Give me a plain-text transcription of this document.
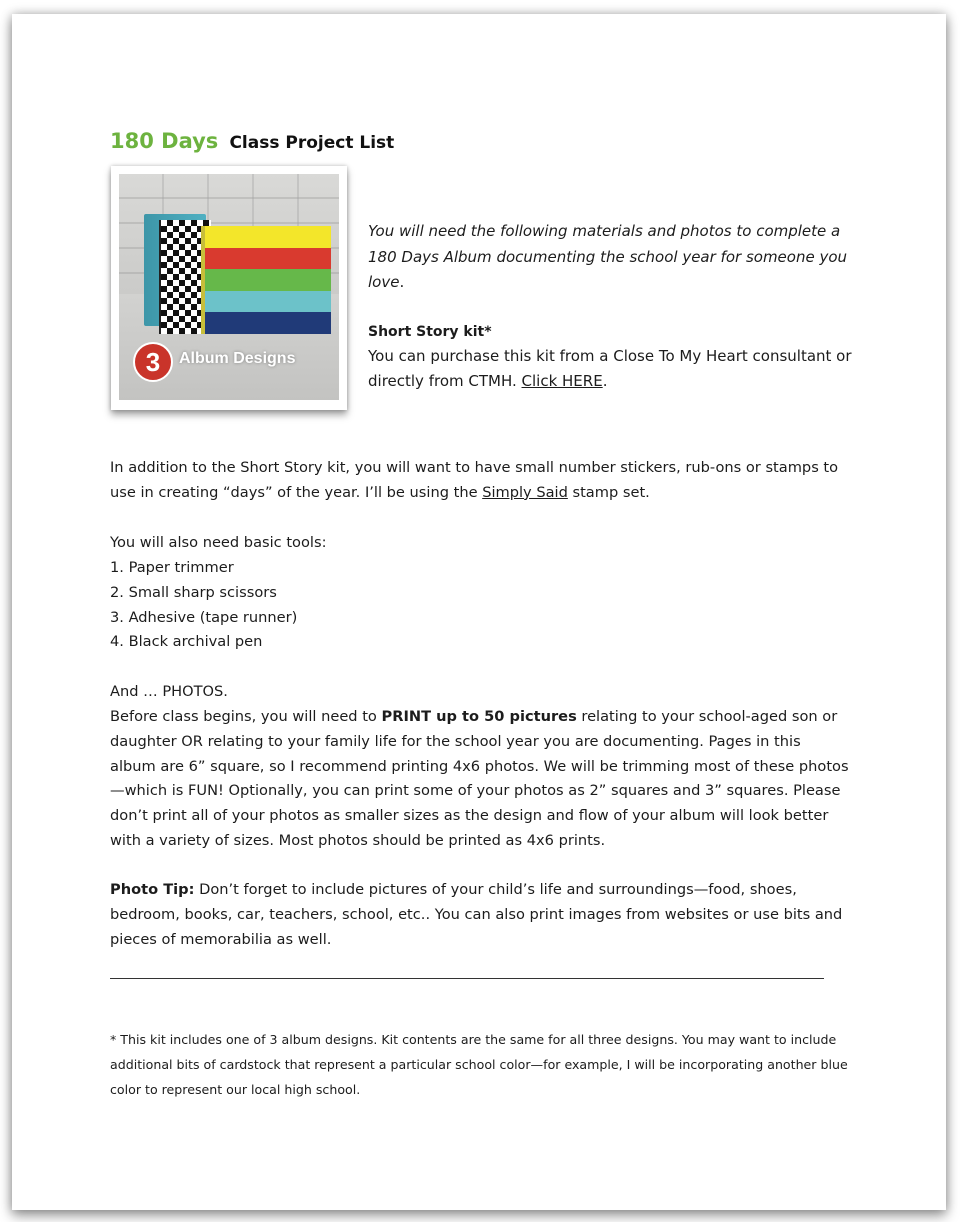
180 Days Class Project List
3	Album Designs

You will need the following materials and photos to complete a 180 Days Album documenting the school year for someone you love.

Short Story kit*

You can purchase this kit from a Close To My Heart consultant or directly from CTMH. Click HERE.

In addition to the Short Story kit, you will want to have small number stickers, rub-ons or stamps to use in creating “days” of the year. I’ll be using the Simply Said stamp set.

You will also need basic tools:

1. Paper trimmer
2. Small sharp scissors
3. Adhesive (tape runner)
4. Black archival pen

And … PHOTOS.

Before class begins, you will need to PRINT up to 50 pictures relating to your school-aged son or daughter OR relating to your family life for the school year you are documenting. Pages in this album are 6” square, so I recommend printing 4x6 photos. We will be trimming most of these photos—which is FUN! Optionally, you can print some of your photos as 2” squares and 3” squares. Please don’t print all of your photos as smaller sizes as the design and flow of your album will look better with a variety of sizes. Most photos should be printed as 4x6 prints.

Photo Tip: Don’t forget to include pictures of your child’s life and surroundings—food, shoes, bedroom, books, car, teachers, school, etc.. You can also print images from websites or use bits and pieces of memorabilia as well.

* This kit includes one of 3 album designs. Kit contents are the same for all three designs. You may want to include additional bits of cardstock that represent a particular school color—for example, I will be incorporating another blue color to represent our local high school.
